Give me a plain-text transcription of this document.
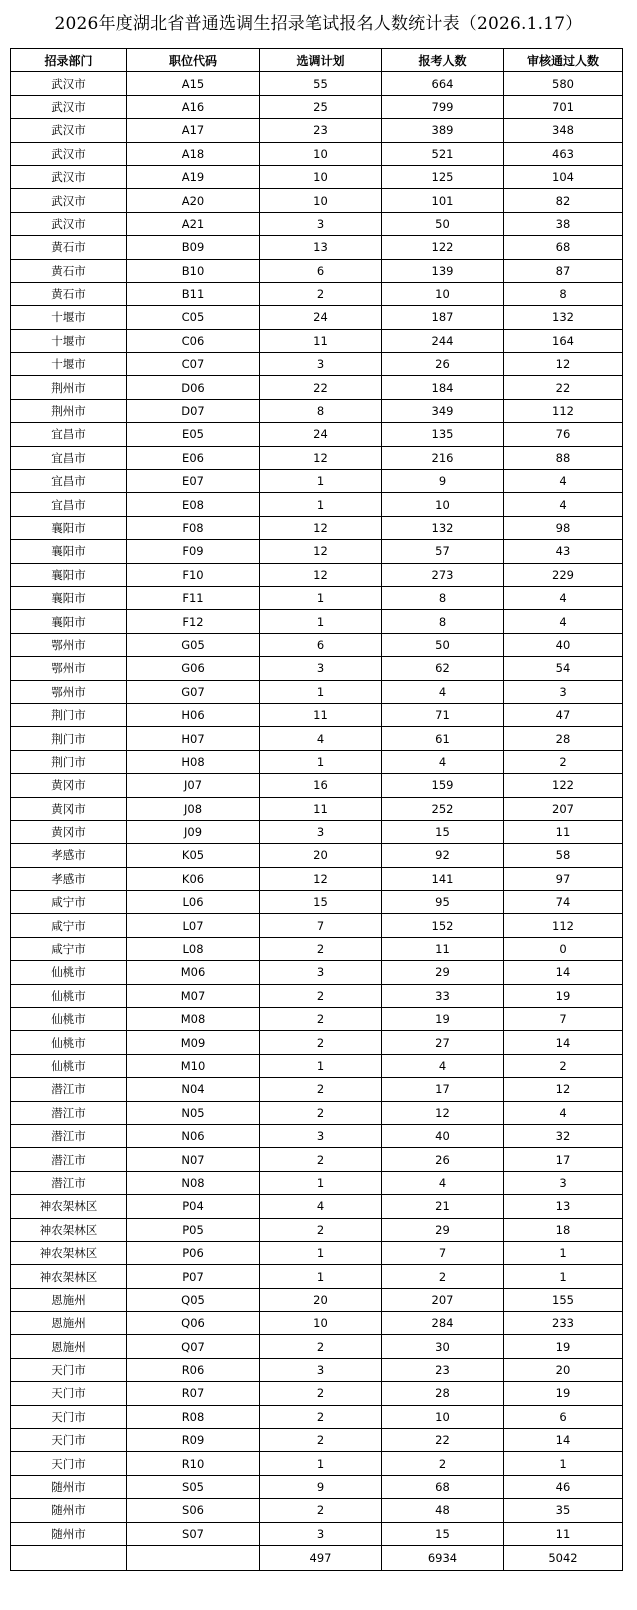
2026年度湖北省普通选调生招录笔试报名人数统计表（2026.1.17）
招录部门	职位代码	选调计划	报考人数	审核通过人数
武汉市	A15	55	664	580
武汉市	A16	25	799	701
武汉市	A17	23	389	348
武汉市	A18	10	521	463
武汉市	A19	10	125	104
武汉市	A20	10	101	82
武汉市	A21	3	50	38
黄石市	B09	13	122	68
黄石市	B10	6	139	87
黄石市	B11	2	10	8
十堰市	C05	24	187	132
十堰市	C06	11	244	164
十堰市	C07	3	26	12
荆州市	D06	22	184	22
荆州市	D07	8	349	112
宜昌市	E05	24	135	76
宜昌市	E06	12	216	88
宜昌市	E07	1	9	4
宜昌市	E08	1	10	4
襄阳市	F08	12	132	98
襄阳市	F09	12	57	43
襄阳市	F10	12	273	229
襄阳市	F11	1	8	4
襄阳市	F12	1	8	4
鄂州市	G05	6	50	40
鄂州市	G06	3	62	54
鄂州市	G07	1	4	3
荆门市	H06	11	71	47
荆门市	H07	4	61	28
荆门市	H08	1	4	2
黄冈市	J07	16	159	122
黄冈市	J08	11	252	207
黄冈市	J09	3	15	11
孝感市	K05	20	92	58
孝感市	K06	12	141	97
咸宁市	L06	15	95	74
咸宁市	L07	7	152	112
咸宁市	L08	2	11	0
仙桃市	M06	3	29	14
仙桃市	M07	2	33	19
仙桃市	M08	2	19	7
仙桃市	M09	2	27	14
仙桃市	M10	1	4	2
潜江市	N04	2	17	12
潜江市	N05	2	12	4
潜江市	N06	3	40	32
潜江市	N07	2	26	17
潜江市	N08	1	4	3
神农架林区	P04	4	21	13
神农架林区	P05	2	29	18
神农架林区	P06	1	7	1
神农架林区	P07	1	2	1
恩施州	Q05	20	207	155
恩施州	Q06	10	284	233
恩施州	Q07	2	30	19
天门市	R06	3	23	20
天门市	R07	2	28	19
天门市	R08	2	10	6
天门市	R09	2	22	14
天门市	R10	1	2	1
随州市	S05	9	68	46
随州市	S06	2	48	35
随州市	S07	3	15	11
		497	6934	5042
